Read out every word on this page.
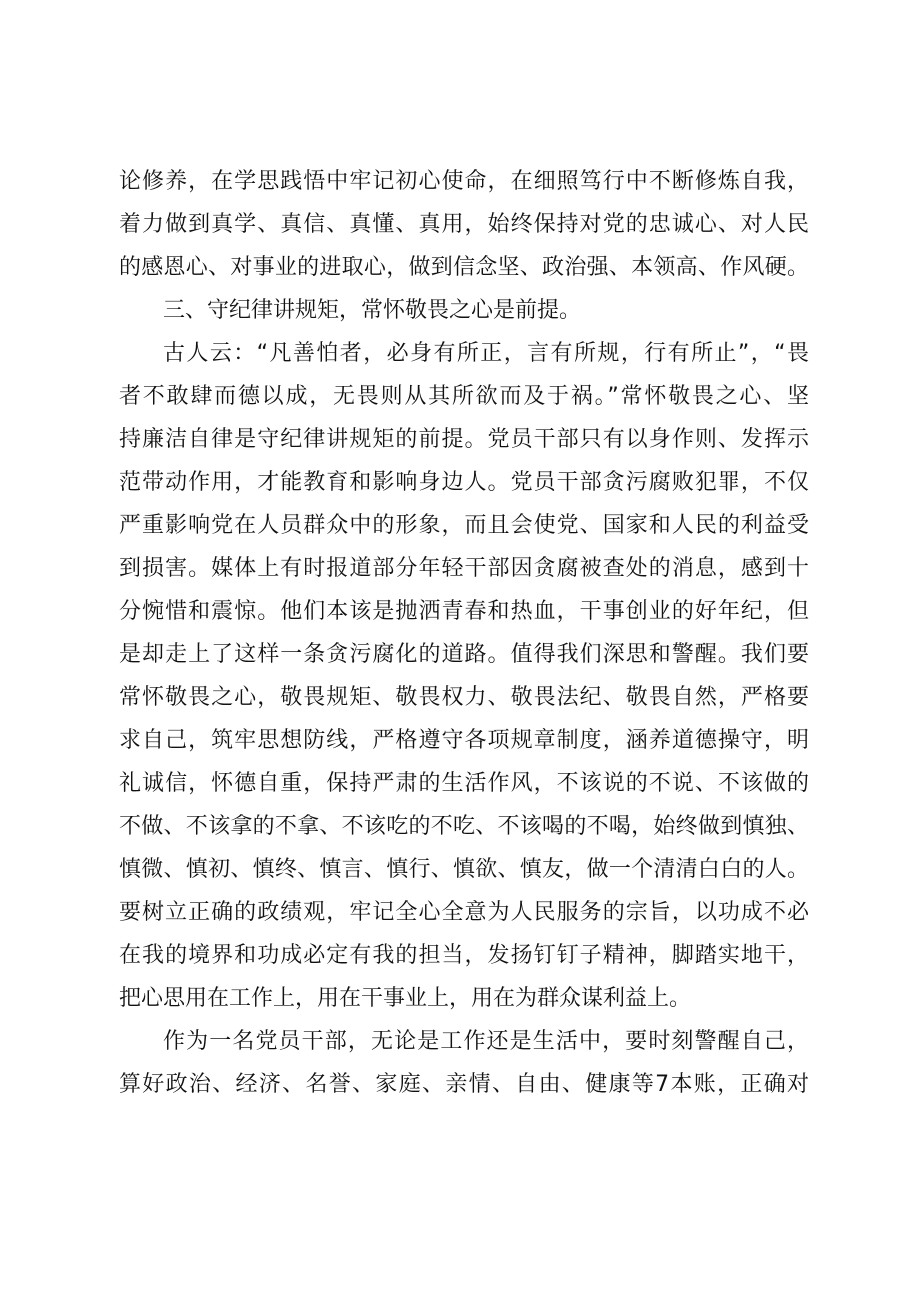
论修养，在学思践悟中牢记初心使命，在细照笃行中不断修炼自我，
着力做到真学、真信、真懂、真用，始终保持对党的忠诚心、对人民
的感恩心、对事业的进取心，做到信念坚、政治强、本领高、作风硬。
三、守纪律讲规矩，常怀敬畏之心是前提。
古人云：“凡善怕者，必身有所正，言有所规，行有所止”，“畏
者不敢肆而德以成，无畏则从其所欲而及于祸。”常怀敬畏之心、坚
持廉洁自律是守纪律讲规矩的前提。党员干部只有以身作则、发挥示
范带动作用，才能教育和影响身边人。党员干部贪污腐败犯罪，不仅
严重影响党在人员群众中的形象，而且会使党、国家和人民的利益受
到损害。媒体上有时报道部分年轻干部因贪腐被查处的消息，感到十
分惋惜和震惊。他们本该是抛洒青春和热血，干事创业的好年纪，但
是却走上了这样一条贪污腐化的道路。值得我们深思和警醒。我们要
常怀敬畏之心，敬畏规矩、敬畏权力、敬畏法纪、敬畏自然，严格要
求自己，筑牢思想防线，严格遵守各项规章制度，涵养道德操守，明
礼诚信，怀德自重，保持严肃的生活作风，不该说的不说、不该做的
不做、不该拿的不拿、不该吃的不吃、不该喝的不喝，始终做到慎独、
慎微、慎初、慎终、慎言、慎行、慎欲、慎友，做一个清清白白的人。
要树立正确的政绩观，牢记全心全意为人民服务的宗旨，以功成不必
在我的境界和功成必定有我的担当，发扬钉钉子精神，脚踏实地干，
把心思用在工作上，用在干事业上，用在为群众谋利益上。
作为一名党员干部，无论是工作还是生活中，要时刻警醒自己，
算好政治、经济、名誉、家庭、亲情、自由、健康等7本账，正确对
